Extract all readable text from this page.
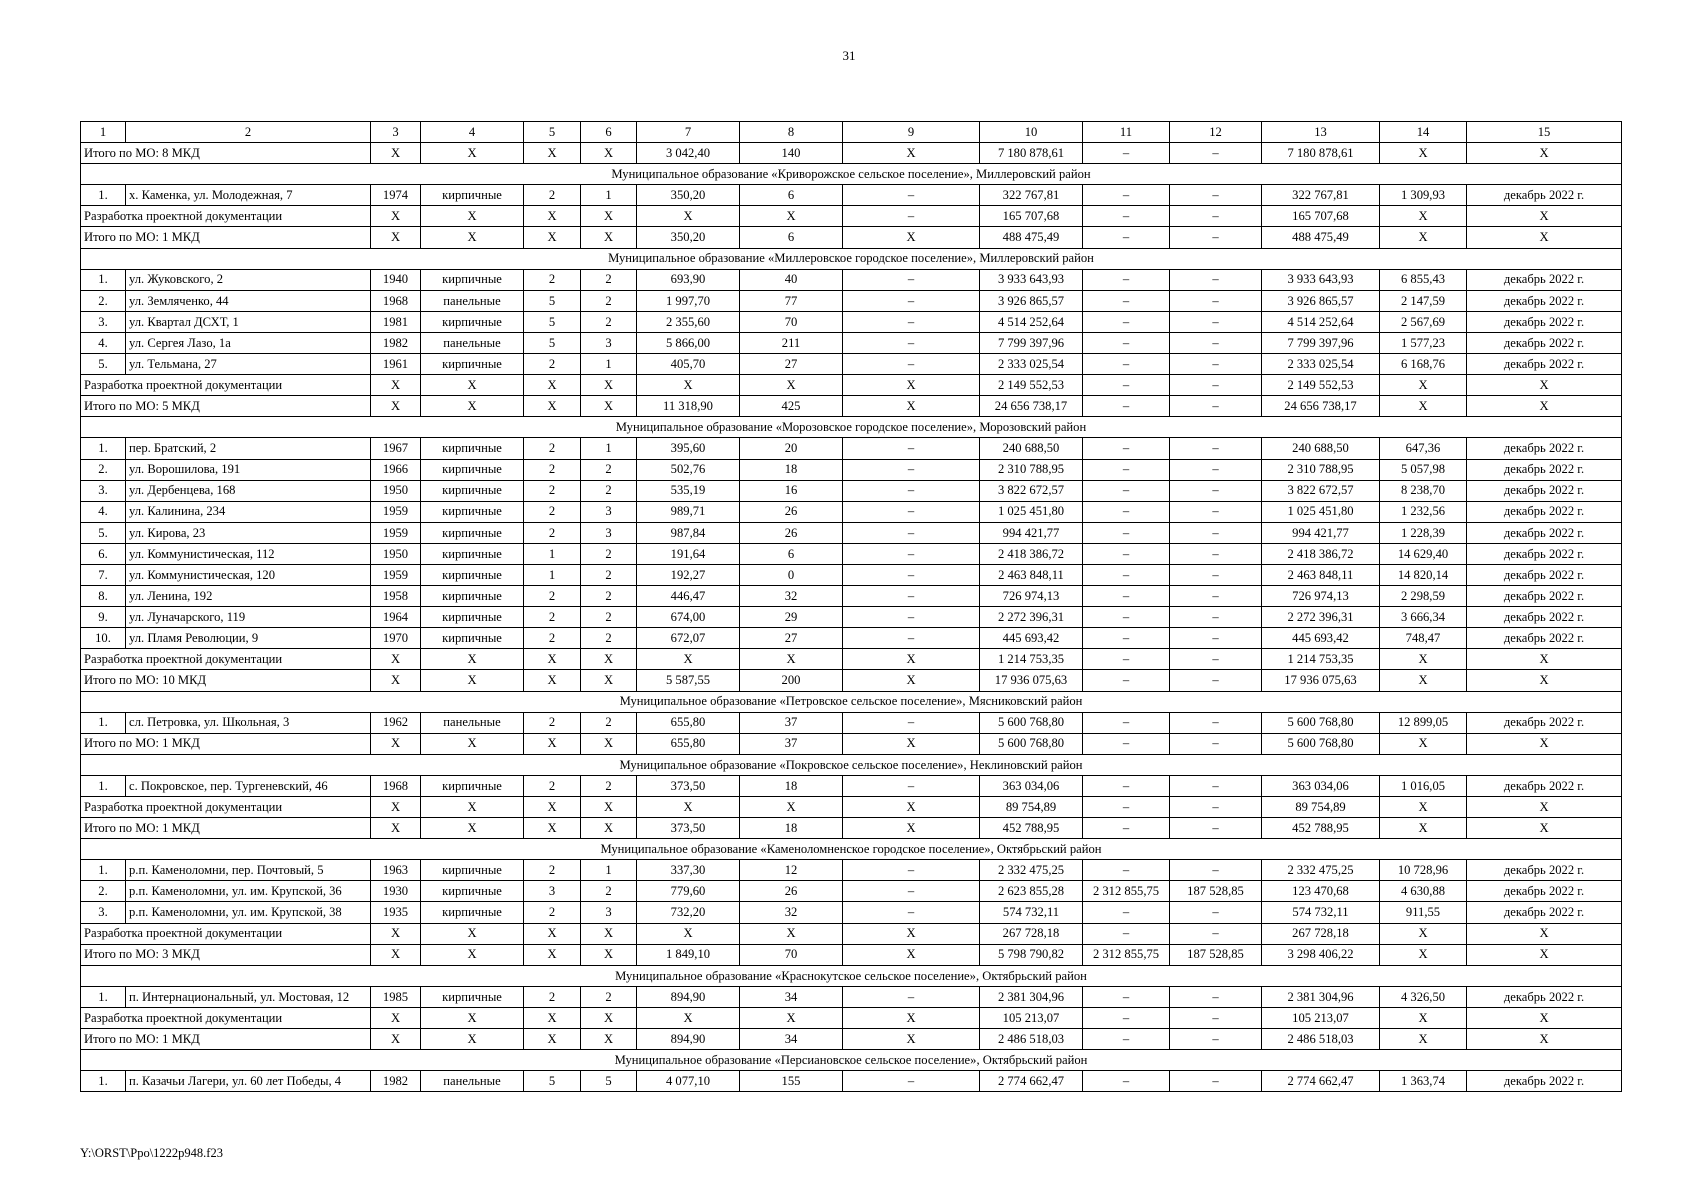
31
1	2	3	4	5	6	7	8	9	10	11	12	13	14	15
Итого по МО: 8 МКД		Х	Х	Х	Х	3 042,40	140	Х	7 180 878,61	–	–	7 180 878,61	Х	Х
Муниципальное образование «Криворожское сельское поселение», Миллеровский район														
1.	х. Каменка, ул. Молодежная, 7	1974	кирпичные	2	1	350,20	6	–	322 767,81	–	–	322 767,81	1 309,93	декабрь 2022 г.
Разработка проектной документации		Х	Х	Х	Х	Х	Х	–	165 707,68	–	–	165 707,68	Х	Х
Итого по МО: 1 МКД		Х	Х	Х	Х	350,20	6	Х	488 475,49	–	–	488 475,49	Х	Х
Муниципальное образование «Миллеровское городское поселение», Миллеровский район														
1.	ул. Жуковского, 2	1940	кирпичные	2	2	693,90	40	–	3 933 643,93	–	–	3 933 643,93	6 855,43	декабрь 2022 г.
2.	ул. Земляченко, 44	1968	панельные	5	2	1 997,70	77	–	3 926 865,57	–	–	3 926 865,57	2 147,59	декабрь 2022 г.
3.	ул. Квартал ДСХТ, 1	1981	кирпичные	5	2	2 355,60	70	–	4 514 252,64	–	–	4 514 252,64	2 567,69	декабрь 2022 г.
4.	ул. Сергея Лазо, 1а	1982	панельные	5	3	5 866,00	211	–	7 799 397,96	–	–	7 799 397,96	1 577,23	декабрь 2022 г.
5.	ул. Тельмана, 27	1961	кирпичные	2	1	405,70	27	–	2 333 025,54	–	–	2 333 025,54	6 168,76	декабрь 2022 г.
Разработка проектной документации		Х	Х	Х	Х	Х	Х	Х	2 149 552,53	–	–	2 149 552,53	Х	Х
Итого по МО: 5 МКД		Х	Х	Х	Х	11 318,90	425	Х	24 656 738,17	–	–	24 656 738,17	Х	Х
Муниципальное образование «Морозовское городское поселение», Морозовский район														
1.	пер. Братский, 2	1967	кирпичные	2	1	395,60	20	–	240 688,50	–	–	240 688,50	647,36	декабрь 2022 г.
2.	ул. Ворошилова, 191	1966	кирпичные	2	2	502,76	18	–	2 310 788,95	–	–	2 310 788,95	5 057,98	декабрь 2022 г.
3.	ул. Дербенцева, 168	1950	кирпичные	2	2	535,19	16	–	3 822 672,57	–	–	3 822 672,57	8 238,70	декабрь 2022 г.
4.	ул. Калинина, 234	1959	кирпичные	2	3	989,71	26	–	1 025 451,80	–	–	1 025 451,80	1 232,56	декабрь 2022 г.
5.	ул. Кирова, 23	1959	кирпичные	2	3	987,84	26	–	994 421,77	–	–	994 421,77	1 228,39	декабрь 2022 г.
6.	ул. Коммунистическая, 112	1950	кирпичные	1	2	191,64	6	–	2 418 386,72	–	–	2 418 386,72	14 629,40	декабрь 2022 г.
7.	ул. Коммунистическая, 120	1959	кирпичные	1	2	192,27	0	–	2 463 848,11	–	–	2 463 848,11	14 820,14	декабрь 2022 г.
8.	ул. Ленина, 192	1958	кирпичные	2	2	446,47	32	–	726 974,13	–	–	726 974,13	2 298,59	декабрь 2022 г.
9.	ул. Луначарского, 119	1964	кирпичные	2	2	674,00	29	–	2 272 396,31	–	–	2 272 396,31	3 666,34	декабрь 2022 г.
10.	ул. Пламя Революции, 9	1970	кирпичные	2	2	672,07	27	–	445 693,42	–	–	445 693,42	748,47	декабрь 2022 г.
Разработка проектной документации		Х	Х	Х	Х	Х	Х	Х	1 214 753,35	–	–	1 214 753,35	Х	Х
Итого по МО: 10 МКД		Х	Х	Х	Х	5 587,55	200	Х	17 936 075,63	–	–	17 936 075,63	Х	Х
Муниципальное образование «Петровское сельское поселение», Мясниковский район														
1.	сл. Петровка, ул. Школьная, 3	1962	панельные	2	2	655,80	37	–	5 600 768,80	–	–	5 600 768,80	12 899,05	декабрь 2022 г.
Итого по МО: 1 МКД		Х	Х	Х	Х	655,80	37	Х	5 600 768,80	–	–	5 600 768,80	Х	Х
Муниципальное образование «Покровское сельское поселение», Неклиновский район														
1.	с. Покровское, пер. Тургеневский, 46	1968	кирпичные	2	2	373,50	18	–	363 034,06	–	–	363 034,06	1 016,05	декабрь 2022 г.
Разработка проектной документации		Х	Х	Х	Х	Х	Х	Х	89 754,89	–	–	89 754,89	Х	Х
Итого по МО: 1 МКД		Х	Х	Х	Х	373,50	18	Х	452 788,95	–	–	452 788,95	Х	Х
Муниципальное образование «Каменоломненское городское поселение», Октябрьский район														
1.	р.п. Каменоломни, пер. Почтовый, 5	1963	кирпичные	2	1	337,30	12	–	2 332 475,25	–	–	2 332 475,25	10 728,96	декабрь 2022 г.
2.	р.п. Каменоломни, ул. им. Крупской, 36	1930	кирпичные	3	2	779,60	26	–	2 623 855,28	2 312 855,75	187 528,85	123 470,68	4 630,88	декабрь 2022 г.
3.	р.п. Каменоломни, ул. им. Крупской, 38	1935	кирпичные	2	3	732,20	32	–	574 732,11	–	–	574 732,11	911,55	декабрь 2022 г.
Разработка проектной документации		Х	Х	Х	Х	Х	Х	Х	267 728,18	–	–	267 728,18	Х	Х
Итого по МО: 3 МКД		Х	Х	Х	Х	1 849,10	70	Х	5 798 790,82	2 312 855,75	187 528,85	3 298 406,22	Х	Х
Муниципальное образование «Краснокутское сельское поселение», Октябрьский район														
1.	п. Интернациональный, ул. Мостовая, 12	1985	кирпичные	2	2	894,90	34	–	2 381 304,96	–	–	2 381 304,96	4 326,50	декабрь 2022 г.
Разработка проектной документации		Х	Х	Х	Х	Х	Х	Х	105 213,07	–	–	105 213,07	Х	Х
Итого по МО: 1 МКД		Х	Х	Х	Х	894,90	34	Х	2 486 518,03	–	–	2 486 518,03	Х	Х
Муниципальное образование «Персиановское сельское поселение», Октябрьский район														
1.	п. Казачьи Лагери, ул. 60 лет Победы, 4	1982	панельные	5	5	4 077,10	155	–	2 774 662,47	–	–	2 774 662,47	1 363,74	декабрь 2022 г.
Y:\ORST\Ppo\1222p948.f23
